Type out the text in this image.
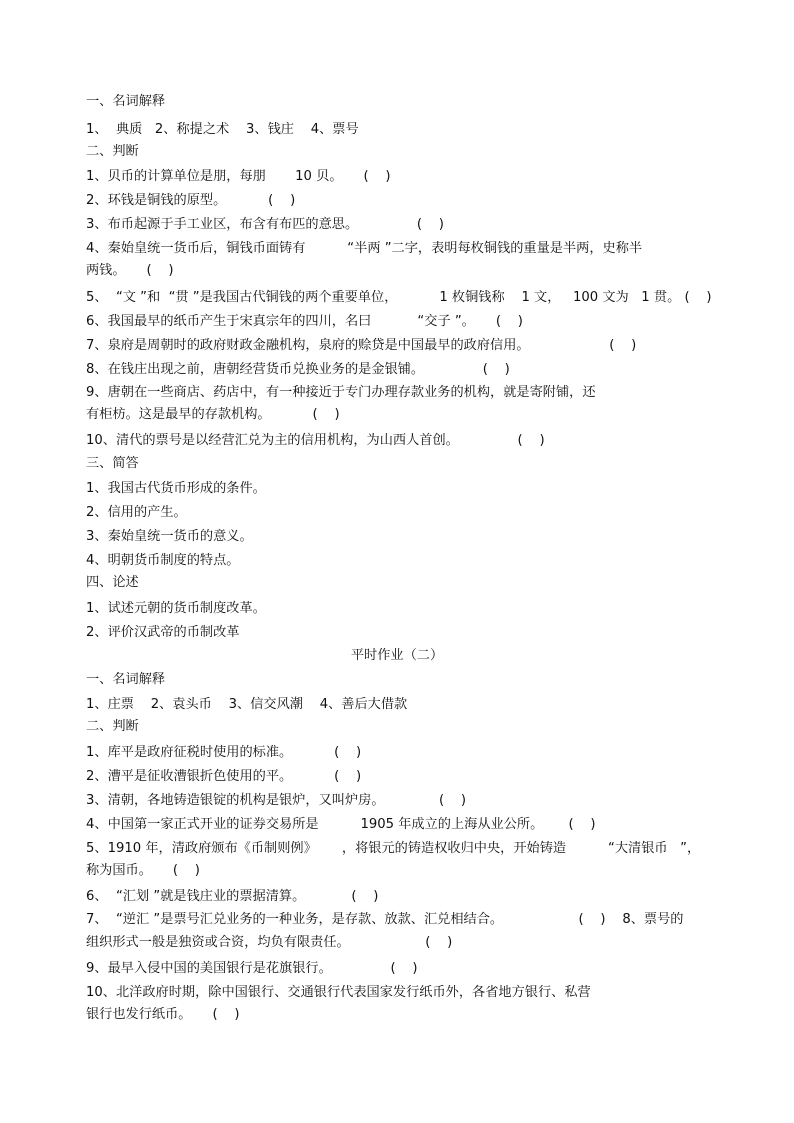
一、名词解释
1、  典质   2、称提之术    3、钱庄    4、票号
二、判断
1、贝币的计算单位是朋，每朋       10 贝。     (    )
2、环钱是铜钱的原型。          (    )
3、布币起源于手工业区，布含有布匹的意思。              (    )
4、秦始皇统一货币后，铜钱币面铸有          “半两 ”二字，表明每枚铜钱的重量是半两，史称半
两钱。     (    )
5、  “文 ”和  “贯 ”是我国古代铜钱的两个重要单位，          1 枚铜钱称    1 文，   100 文为   1 贯。 (    )
6、我国最早的纸币产生于宋真宗年的四川，名曰           “交子 ”。     (    )
7、泉府是周朝时的政府财政金融机构，泉府的赊贷是中国最早的政府信用。                   (    )
8、在钱庄出现之前，唐朝经营货币兑换业务的是金银铺。              (    )
9、唐朝在一些商店、药店中，有一种接近于专门办理存款业务的机构，就是寄附铺，还
有柜枋。这是最早的存款机构。          (    )
10、清代的票号是以经营汇兑为主的信用机构，为山西人首创。              (    )
三、简答
1、我国古代货币形成的条件。
2、信用的产生。
3、秦始皇统一货币的意义。
4、明朝货币制度的特点。
四、论述
1、试述元朝的货币制度改革。
2、评价汉武帝的币制改革
平时作业（二）
一、名词解释
1、庄票    2、袁头币    3、信交风潮    4、善后大借款
二、判断
1、库平是政府征税时使用的标准。          (    )
2、漕平是征收漕银折色使用的平。          (    )
3、清朝，各地铸造银锭的机构是银炉，又叫炉房。             (    )
4、中国第一家正式开业的证券交易所是          1905 年成立的上海从业公所。      (    )
5、1910 年，清政府颁布《币制则例》      ，将银元的铸造权收归中央，开始铸造          “大清银币   ”，
称为国币。     (    )
6、  “汇划 ”就是钱庄业的票据清算。           (    )
7、  “逆汇 ”是票号汇兑业务的一种业务，是存款、放款、汇兑相结合。                  (    )    8、票号的
组织形式一般是独资或合资，均负有限责任。                  (    )
9、最早入侵中国的美国银行是花旗银行。              (    )
10、北洋政府时期，除中国银行、交通银行代表国家发行纸币外，各省地方银行、私营
银行也发行纸币。     (    )
